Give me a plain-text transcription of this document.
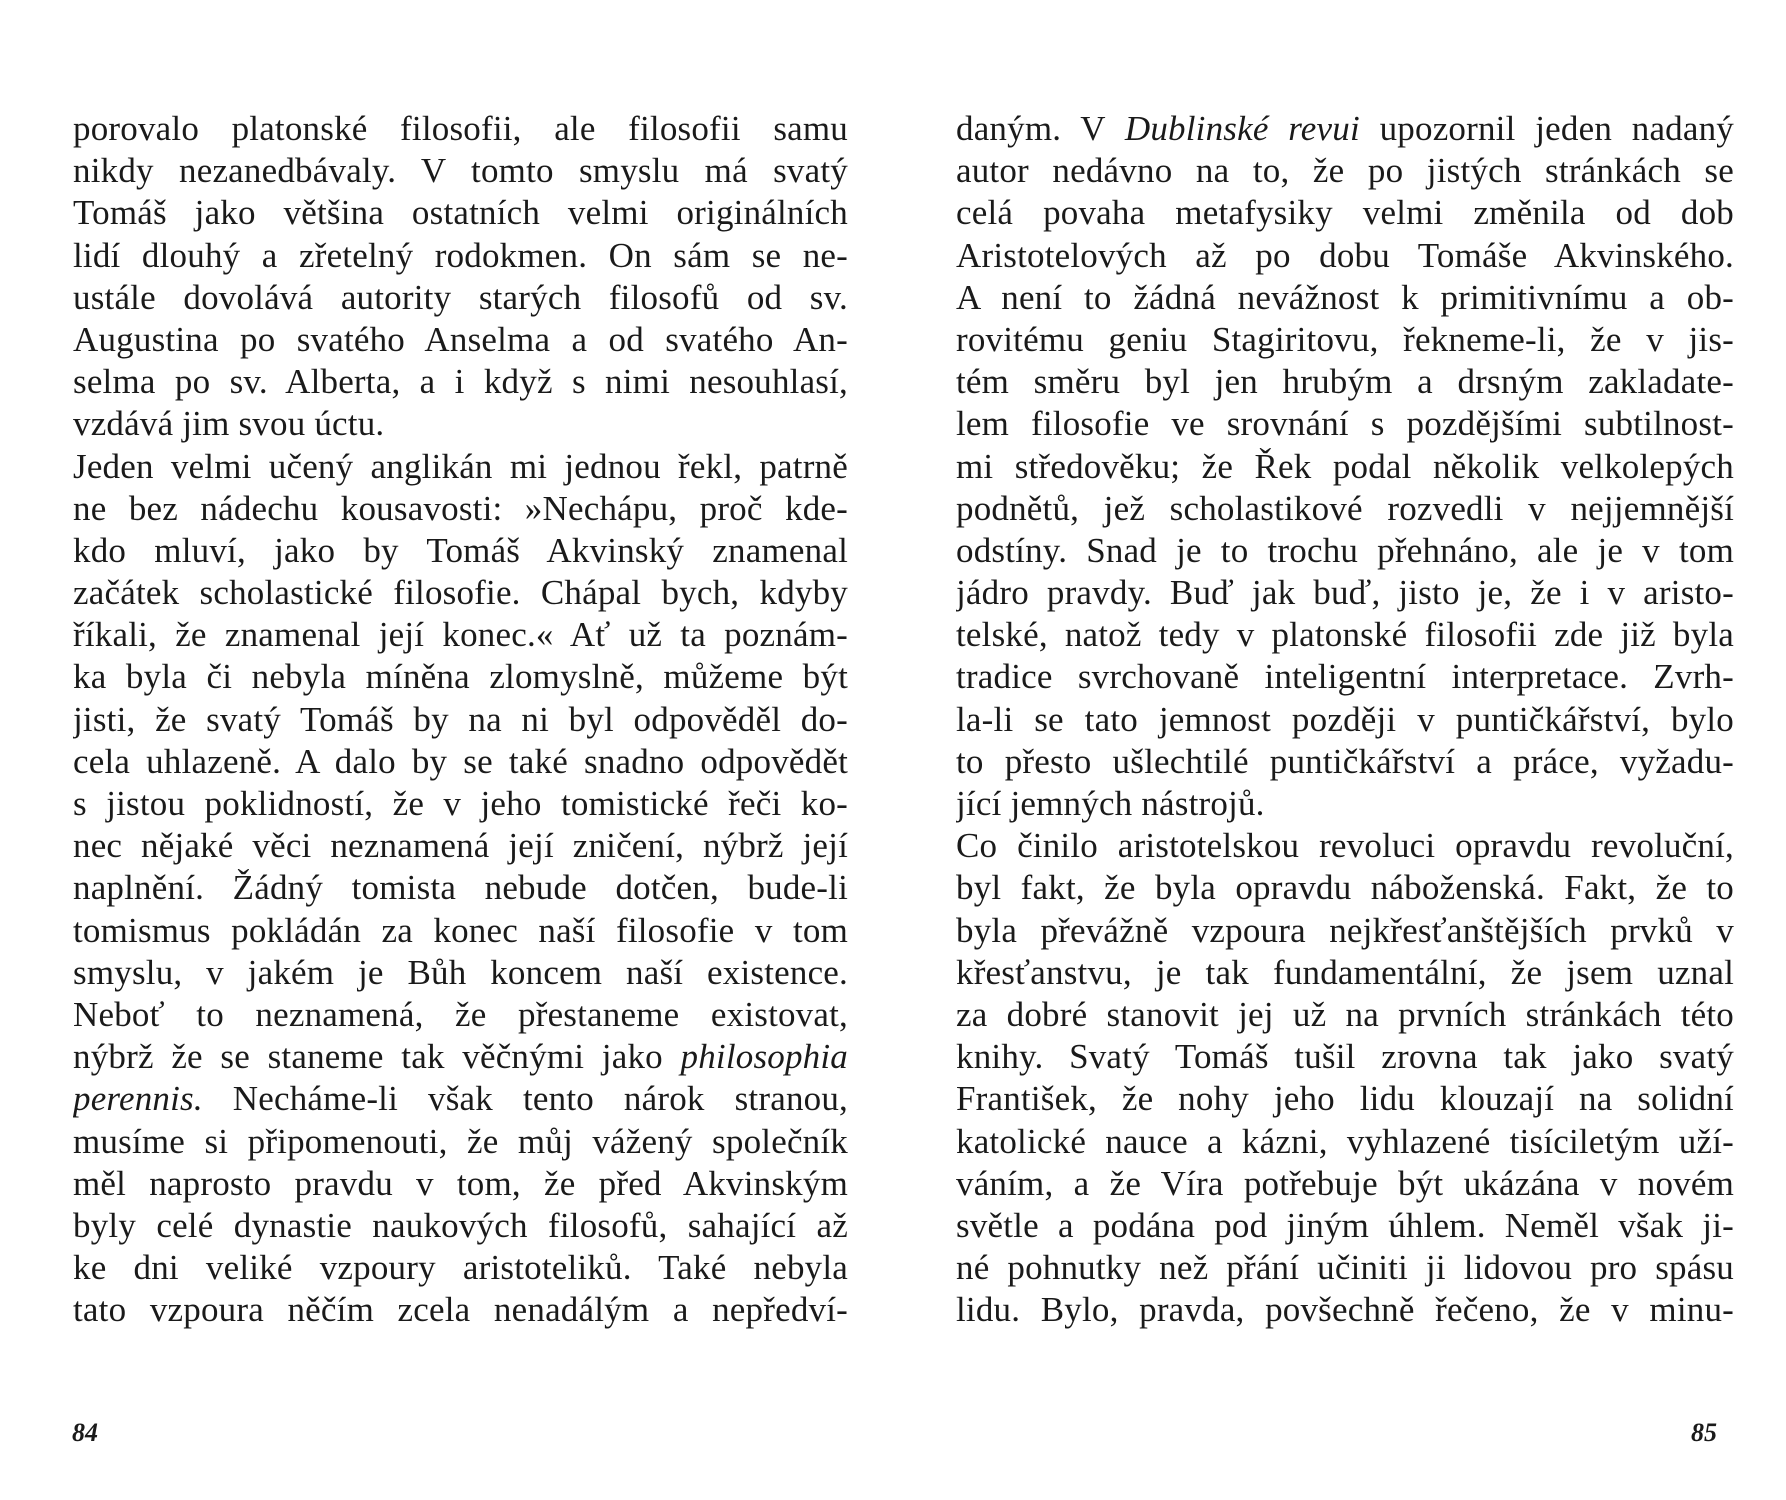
porovalo platonské filosofii, ale filosofii samu
nikdy nezanedbávaly. V tomto smyslu má svatý
Tomáš jako většina ostatních velmi originálních
lidí dlouhý a zřetelný rodokmen. On sám se ne-
ustále dovolává autority starých filosofů od sv.
Augustina po svatého Anselma a od svatého An-
selma po sv. Alberta, a i když s nimi nesouhlasí,
vzdává jim svou úctu.
Jeden velmi učený anglikán mi jednou řekl, patrně
ne bez nádechu kousavosti: »Nechápu, proč kde-
kdo mluví, jako by Tomáš Akvinský znamenal
začátek scholastické filosofie. Chápal bych, kdyby
říkali, že znamenal její konec.« Ať už ta poznám-
ka byla či nebyla míněna zlomyslně, můžeme být
jisti, že svatý Tomáš by na ni byl odpověděl do-
cela uhlazeně. A dalo by se také snadno odpovědět
s jistou poklidností, že v jeho tomistické řeči ko-
nec nějaké věci neznamená její zničení, nýbrž její
naplnění. Žádný tomista nebude dotčen, bude-li
tomismus pokládán za konec naší filosofie v tom
smyslu, v jakém je Bůh koncem naší existence.
Neboť to neznamená, že přestaneme existovat,
nýbrž že se staneme tak věčnými jako philosophia
perennis. Necháme-li však tento nárok stranou,
musíme si připomenouti, že můj vážený společník
měl naprosto pravdu v tom, že před Akvinským
byly celé dynastie naukových filosofů, sahající až
ke dni veliké vzpoury aristoteliků. Také nebyla
tato vzpoura něčím zcela nenadálým a nepředví-
84
daným. V Dublinské revui upozornil jeden nadaný
autor nedávno na to, že po jistých stránkách se
celá povaha metafysiky velmi změnila od dob
Aristotelových až po dobu Tomáše Akvinského.
A není to žádná nevážnost k primitivnímu a ob-
rovitému geniu Stagiritovu, řekneme-li, že v jis-
tém směru byl jen hrubým a drsným zakladate-
lem filosofie ve srovnání s pozdějšími subtilnost-
mi středověku; že Řek podal několik velkolepých
podnětů, jež scholastikové rozvedli v nejjemnější
odstíny. Snad je to trochu přehnáno, ale je v tom
jádro pravdy. Buď jak buď, jisto je, že i v aristo-
telské, natož tedy v platonské filosofii zde již byla
tradice svrchovaně inteligentní interpretace. Zvrh-
la-li se tato jemnost později v puntičkářství, bylo
to přesto ušlechtilé puntičkářství a práce, vyžadu-
jící jemných nástrojů.
Co činilo aristotelskou revoluci opravdu revoluční,
byl fakt, že byla opravdu náboženská. Fakt, že to
byla převážně vzpoura nejkřesťanštějších prvků v
křesťanstvu, je tak fundamentální, že jsem uznal
za dobré stanovit jej už na prvních stránkách této
knihy. Svatý Tomáš tušil zrovna tak jako svatý
František, že nohy jeho lidu klouzají na solidní
katolické nauce a kázni, vyhlazené tisíciletým uží-
váním, a že Víra potřebuje být ukázána v novém
světle a podána pod jiným úhlem. Neměl však ji-
né pohnutky než přání učiniti ji lidovou pro spásu
lidu. Bylo, pravda, povšechně řečeno, že v minu-
85
